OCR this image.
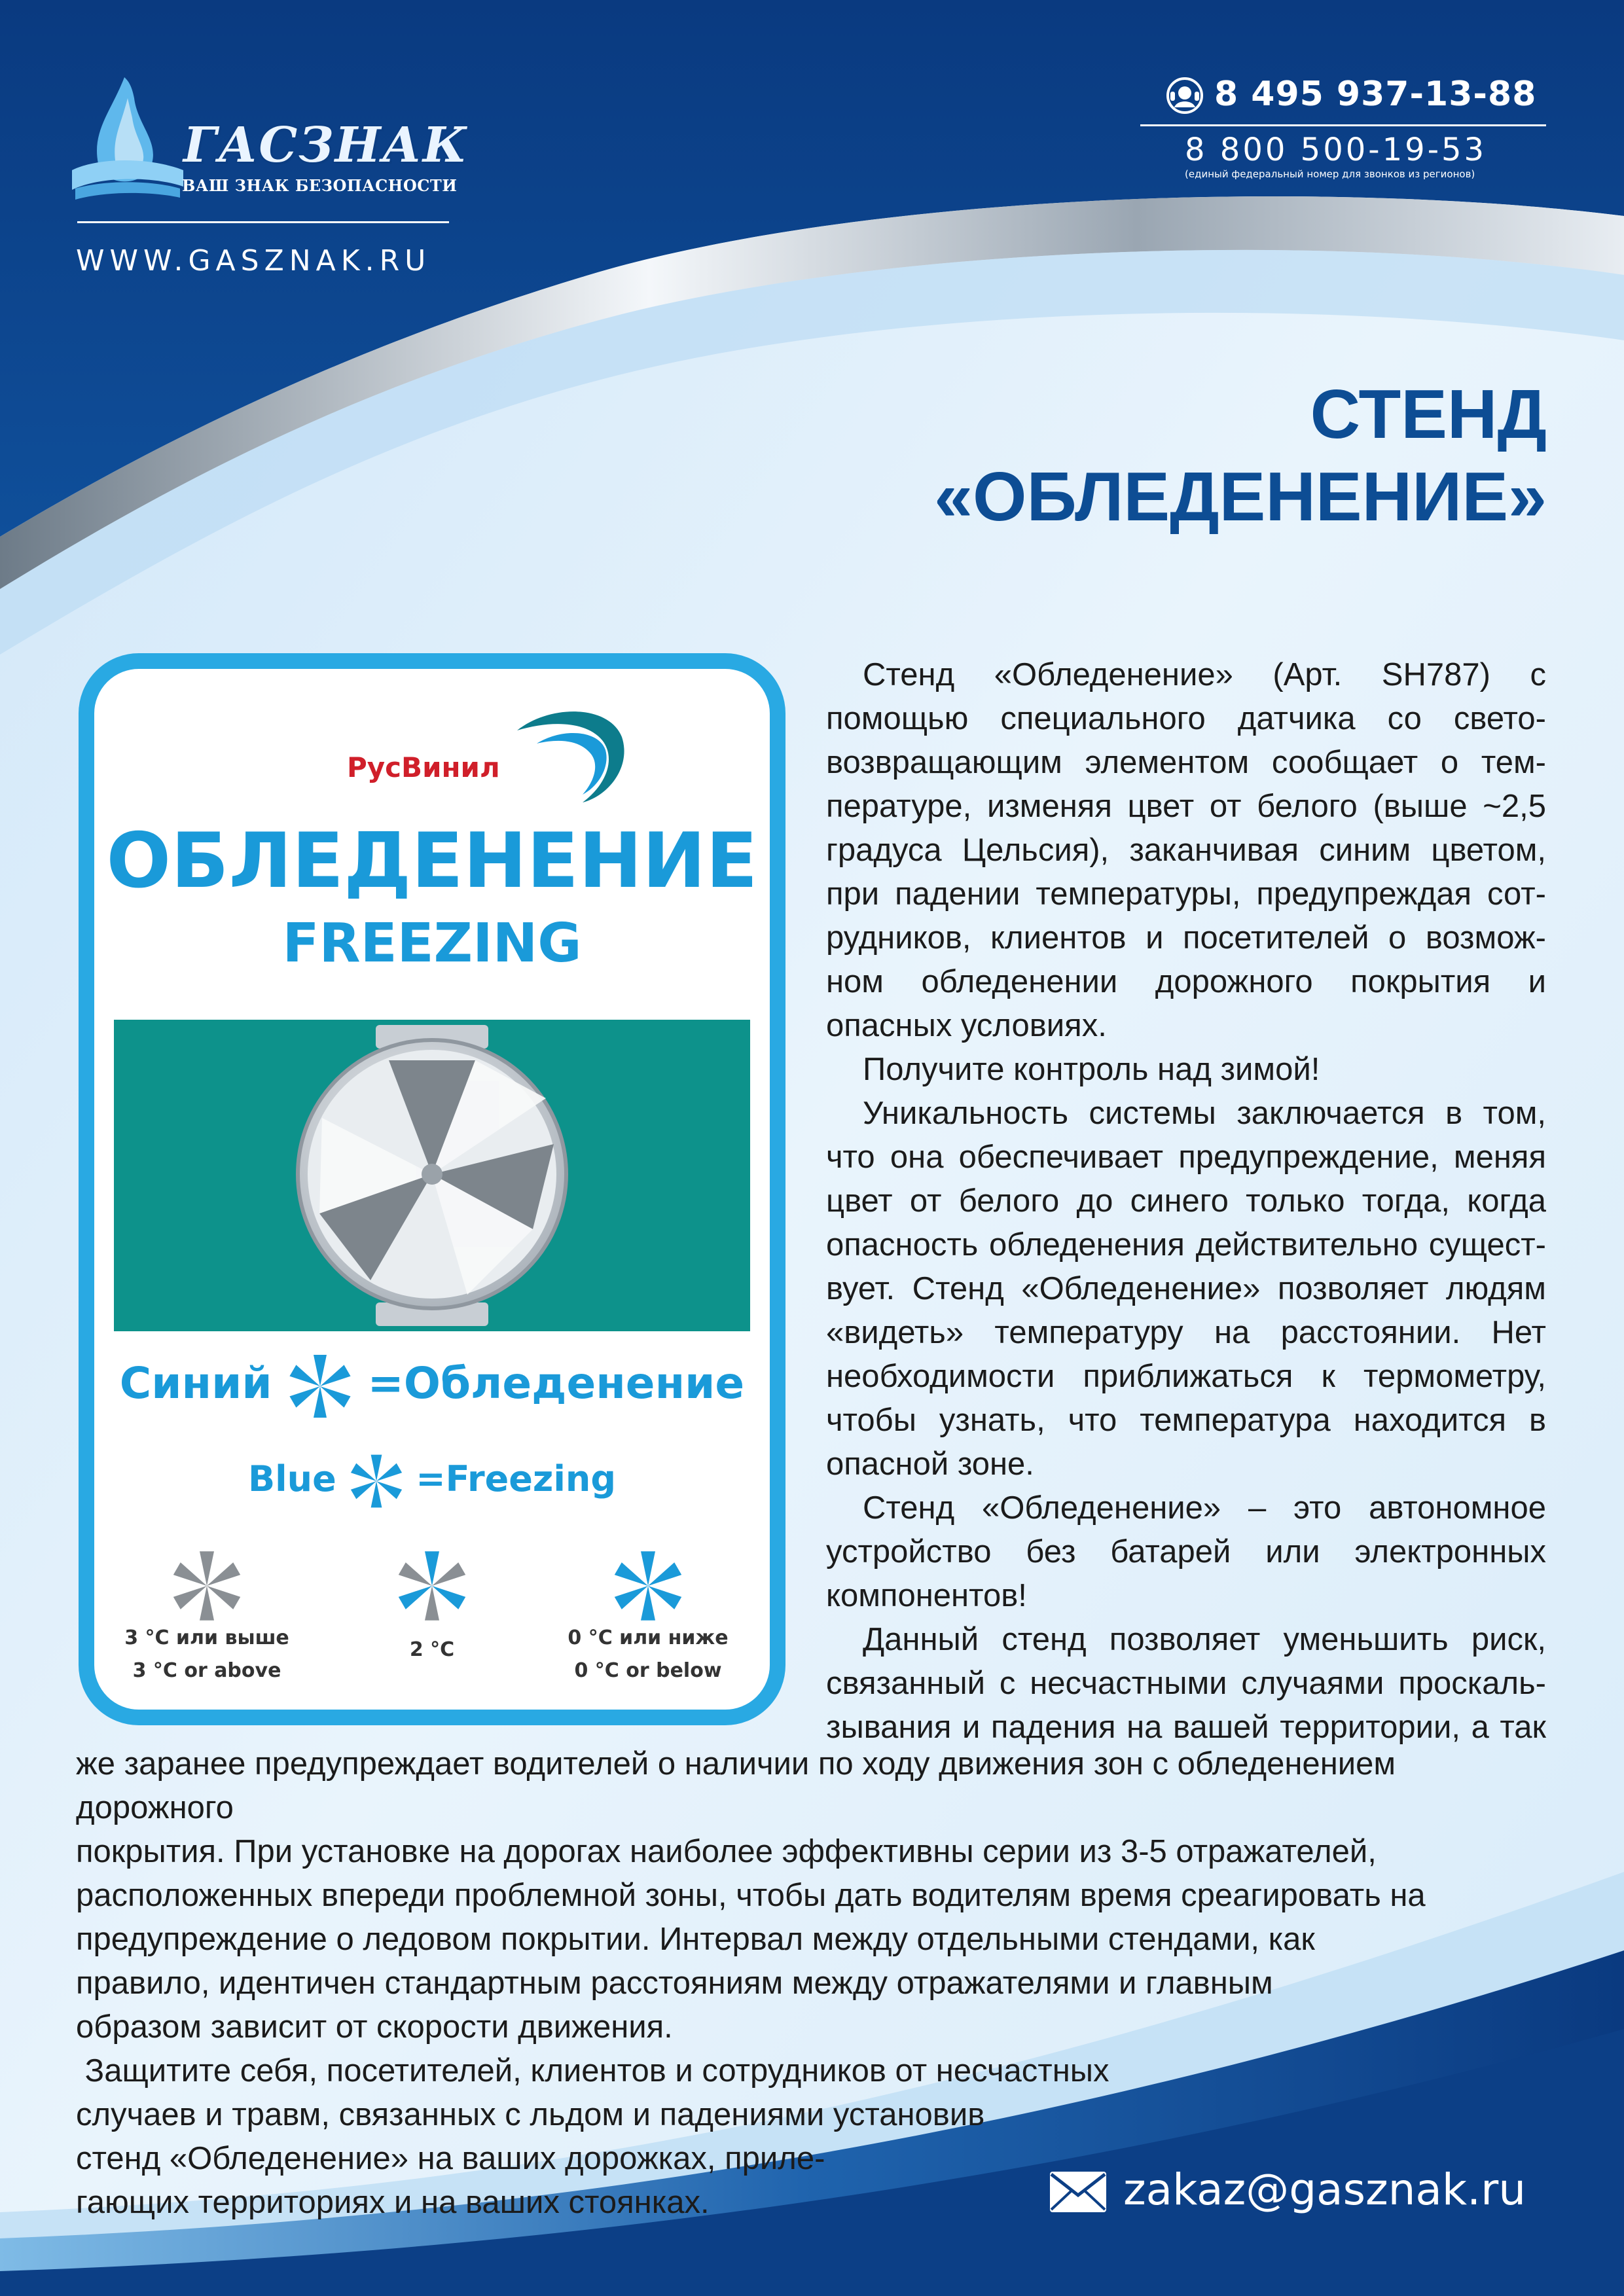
ГАСЗНАК

ВАШ ЗНАК БЕЗОПАСНОСТИ

WWW.GASZNAK.RU

8 495 937-13-88

8 800 500-19-53

(единый федеральный номер для звонков из регионов)

СТЕНД
«ОБЛЕДЕНЕНИЕ»

РусВинил

ОБЛЕДЕНЕНИЕ

FREEZING

Синий =Обледенение

Blue =Freezing

3 °С или выше

3 °C or above

2 °С

0 °С или ниже

0 °C or below

Стенд «Обледенение» (Арт. SH787) с помощью специального датчика со свето-возвращающим элементом сообщает о тем-пературе, изменяя цвет от белого (выше ~2,5 градуса Цельсия), заканчивая синим цветом, при падении температуры, предупреждая сот-рудников, клиентов и посетителей о возмож-ном обледенении дорожного покрытия и опасных условиях.

Получите контроль над зимой!

Уникальность системы заключается в том, что она обеспечивает предупреждение, меняя цвет от белого до синего только тогда, когда опасность обледенения действительно сущест-вует. Стенд «Обледенение» позволяет людям «видеть» температуру на расстоянии. Нет необходимости приближаться к термометру, чтобы узнать, что температура находится в опасной зоне.

Стенд «Обледенение» – это автономное устройство без батарей или электронных компонентов!

Данный стенд позволяет уменьшить риск, связанный с несчастными случаями проскаль-зывания и падения на вашей территории, а так

же заранее предупреждает водителей о наличии по ходу движения зон с обледенением дорожного

покрытия. При установке на дорогах наиболее эффективны серии из 3-5 отражателей,

расположенных впереди проблемной зоны, чтобы дать водителям время среагировать на

предупреждение о ледовом покрытии. Интервал между отдельными стендами, как

правило, идентичен стандартным расстояниям между отражателями и главным

образом зависит от скорости движения.

Защитите себя, посетителей, клиентов и сотрудников от несчастных

случаев и травм, связанных с льдом и падениями установив

стенд «Обледенение» на ваших дорожках, приле-

гающих территориях и на ваших стоянках.	zakaz@gasznak.ru
